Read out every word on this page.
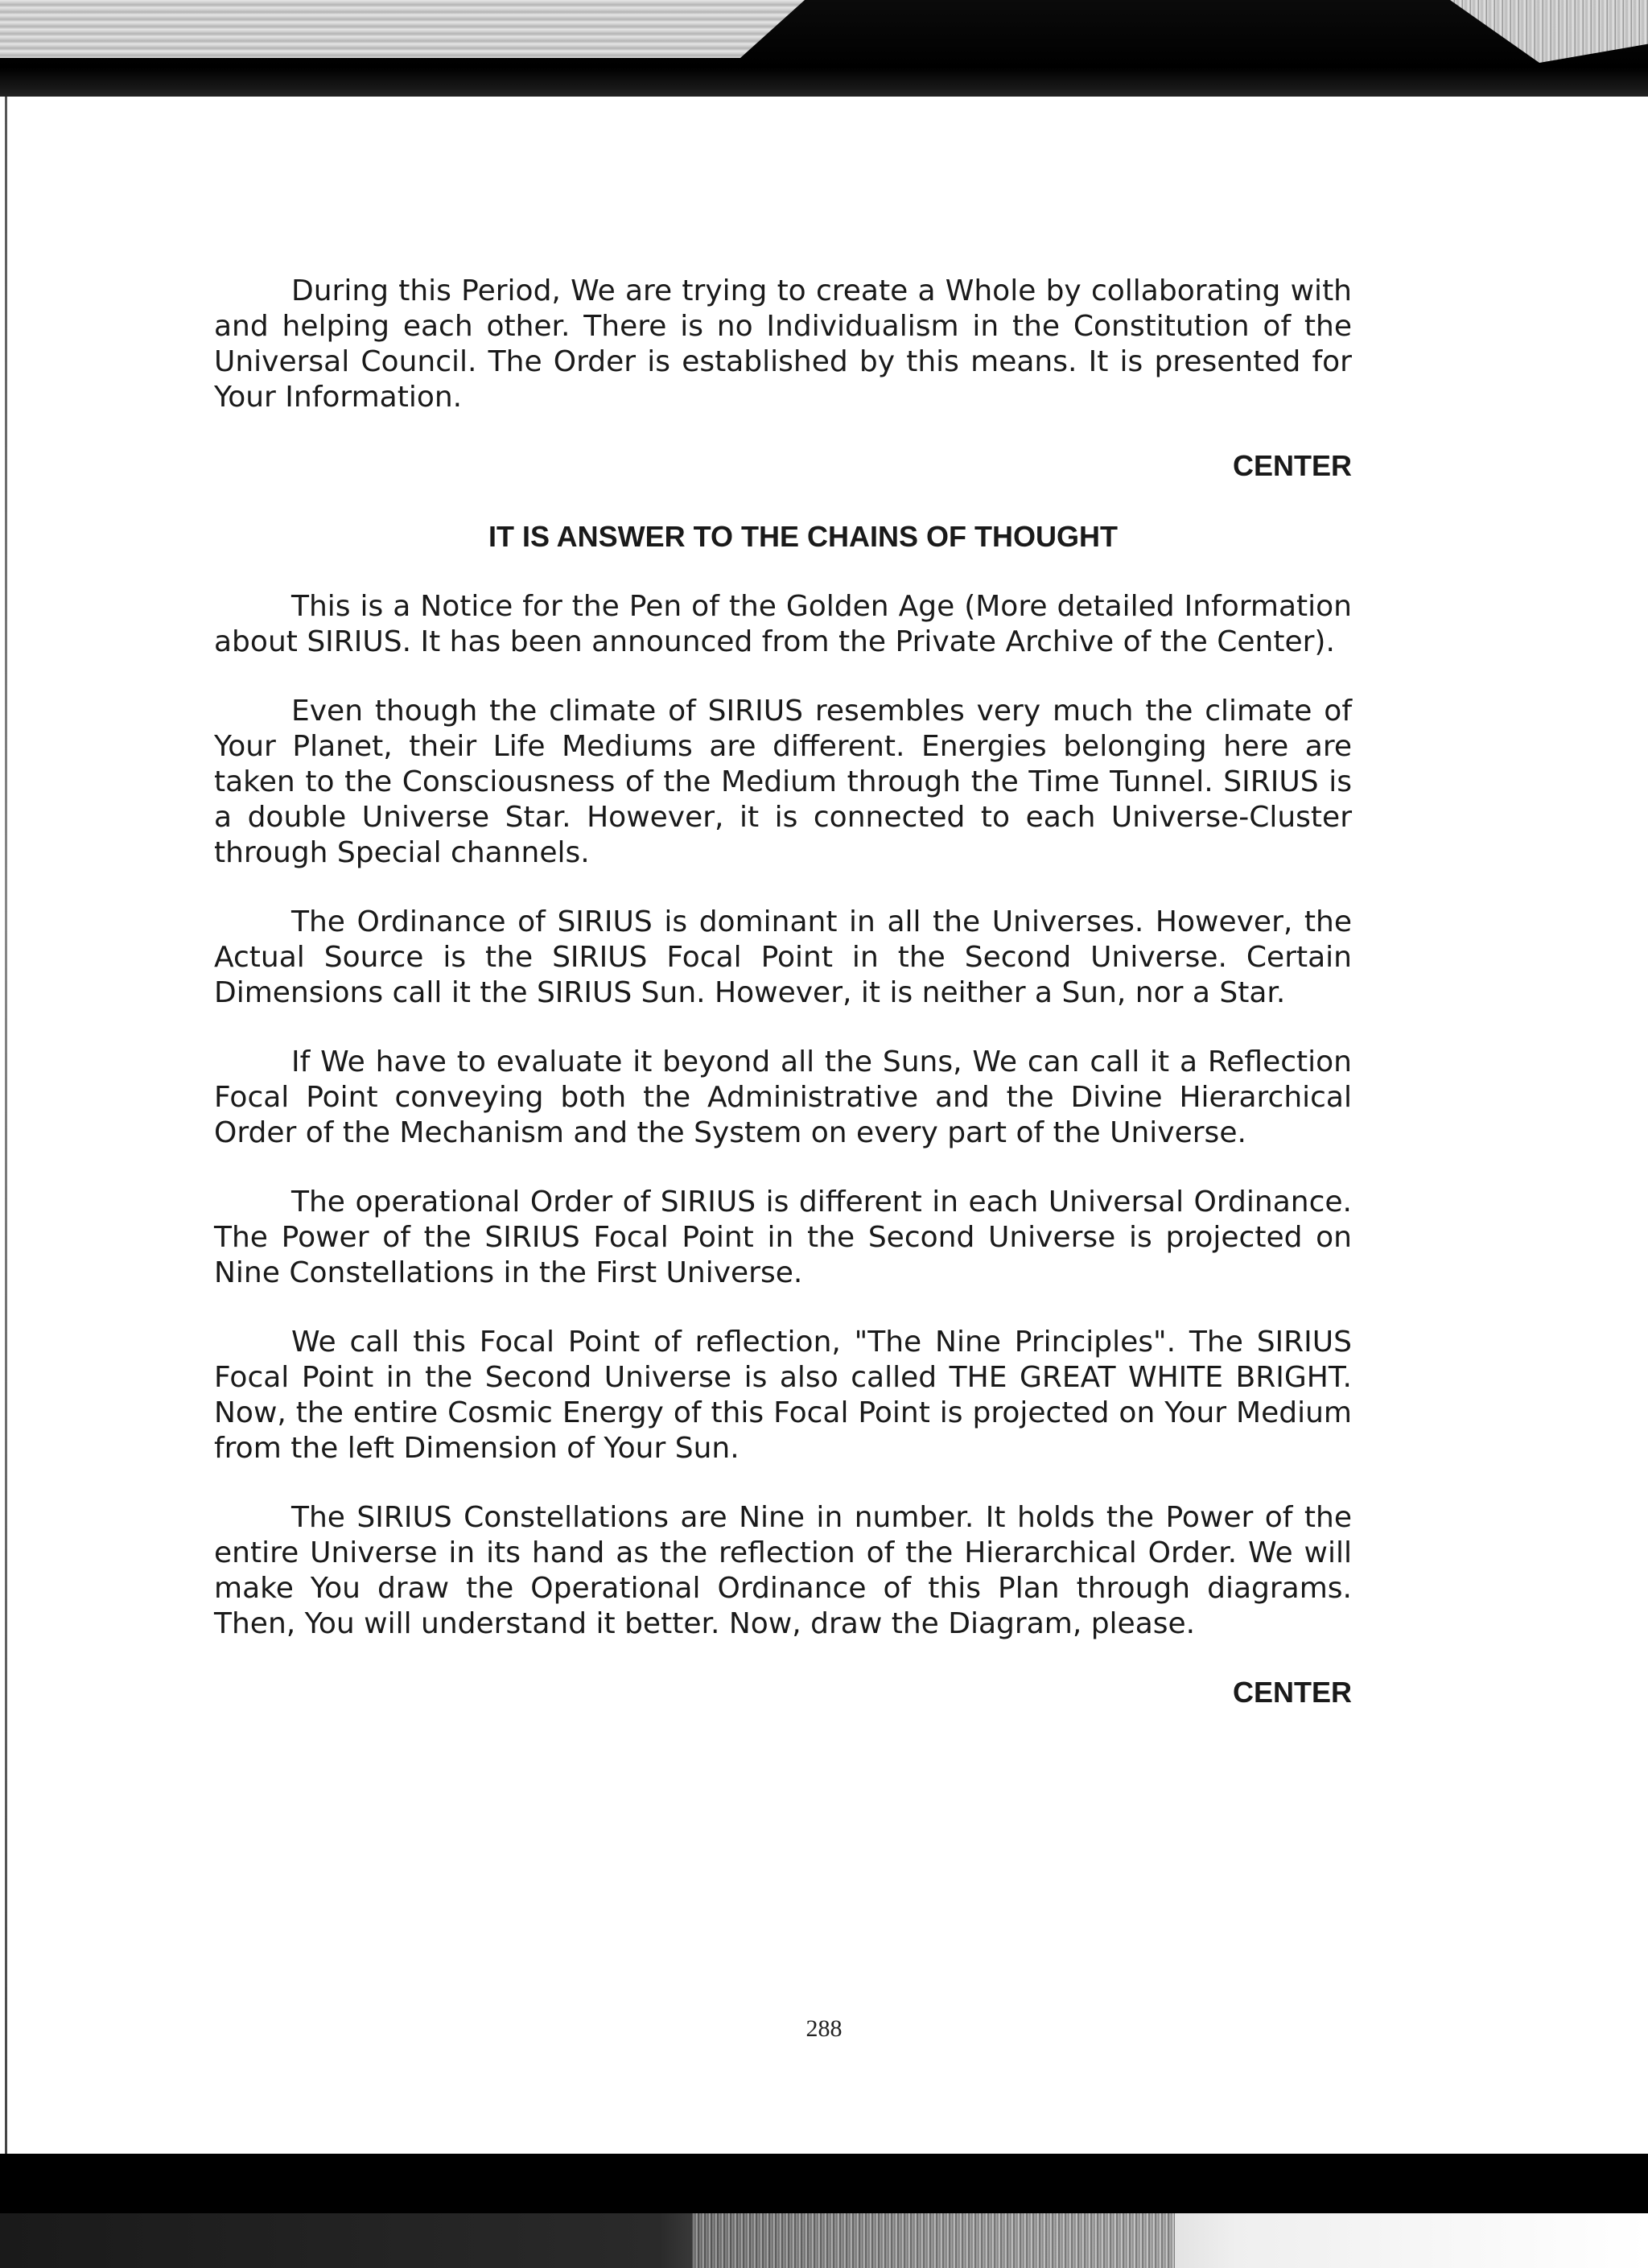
During this Period, We are trying to create a Whole by collaborating with and helping each other. There is no Individualism in the Constitution of the Universal Council. The Order is established by this means. It is presented for Your Information.

CENTER
IT IS ANSWER TO THE CHAINS OF THOUGHT

This is a Notice for the Pen of the Golden Age (More detailed Information about SIRIUS. It has been announced from the Private Archive of the Center).

Even though the climate of SIRIUS resembles very much the climate of Your Planet, their Life Mediums are different. Energies belonging here are taken to the Consciousness of the Medium through the Time Tunnel. SIRIUS is a double Universe Star. However, it is connected to each Universe-Cluster through Special channels.

The Ordinance of SIRIUS is dominant in all the Universes. However, the Actual Source is the SIRIUS Focal Point in the Second Universe. Certain Dimensions call it the SIRIUS Sun. However, it is neither a Sun, nor a Star.

If We have to evaluate it beyond all the Suns, We can call it a Reflection Focal Point conveying both the Administrative and the Divine Hierarchical Order of the Mechanism and the System on every part of the Universe.

The operational Order of SIRIUS is different in each Universal Ordinance. The Power of the SIRIUS Focal Point in the Second Universe is projected on Nine Constellations in the First Universe.

We call this Focal Point of reflection, "The Nine Principles". The SIRIUS Focal Point in the Second Universe is also called THE GREAT WHITE BRIGHT. Now, the entire Cosmic Energy of this Focal Point is projected on Your Medium from the left Dimension of Your Sun.

The SIRIUS Constellations are Nine in number. It holds the Power of the entire Universe in its hand as the reflection of the Hierarchical Order. We will make You draw the Operational Ordinance of this Plan through diagrams. Then, You will understand it better. Now, draw the Diagram, please.

CENTER
288
